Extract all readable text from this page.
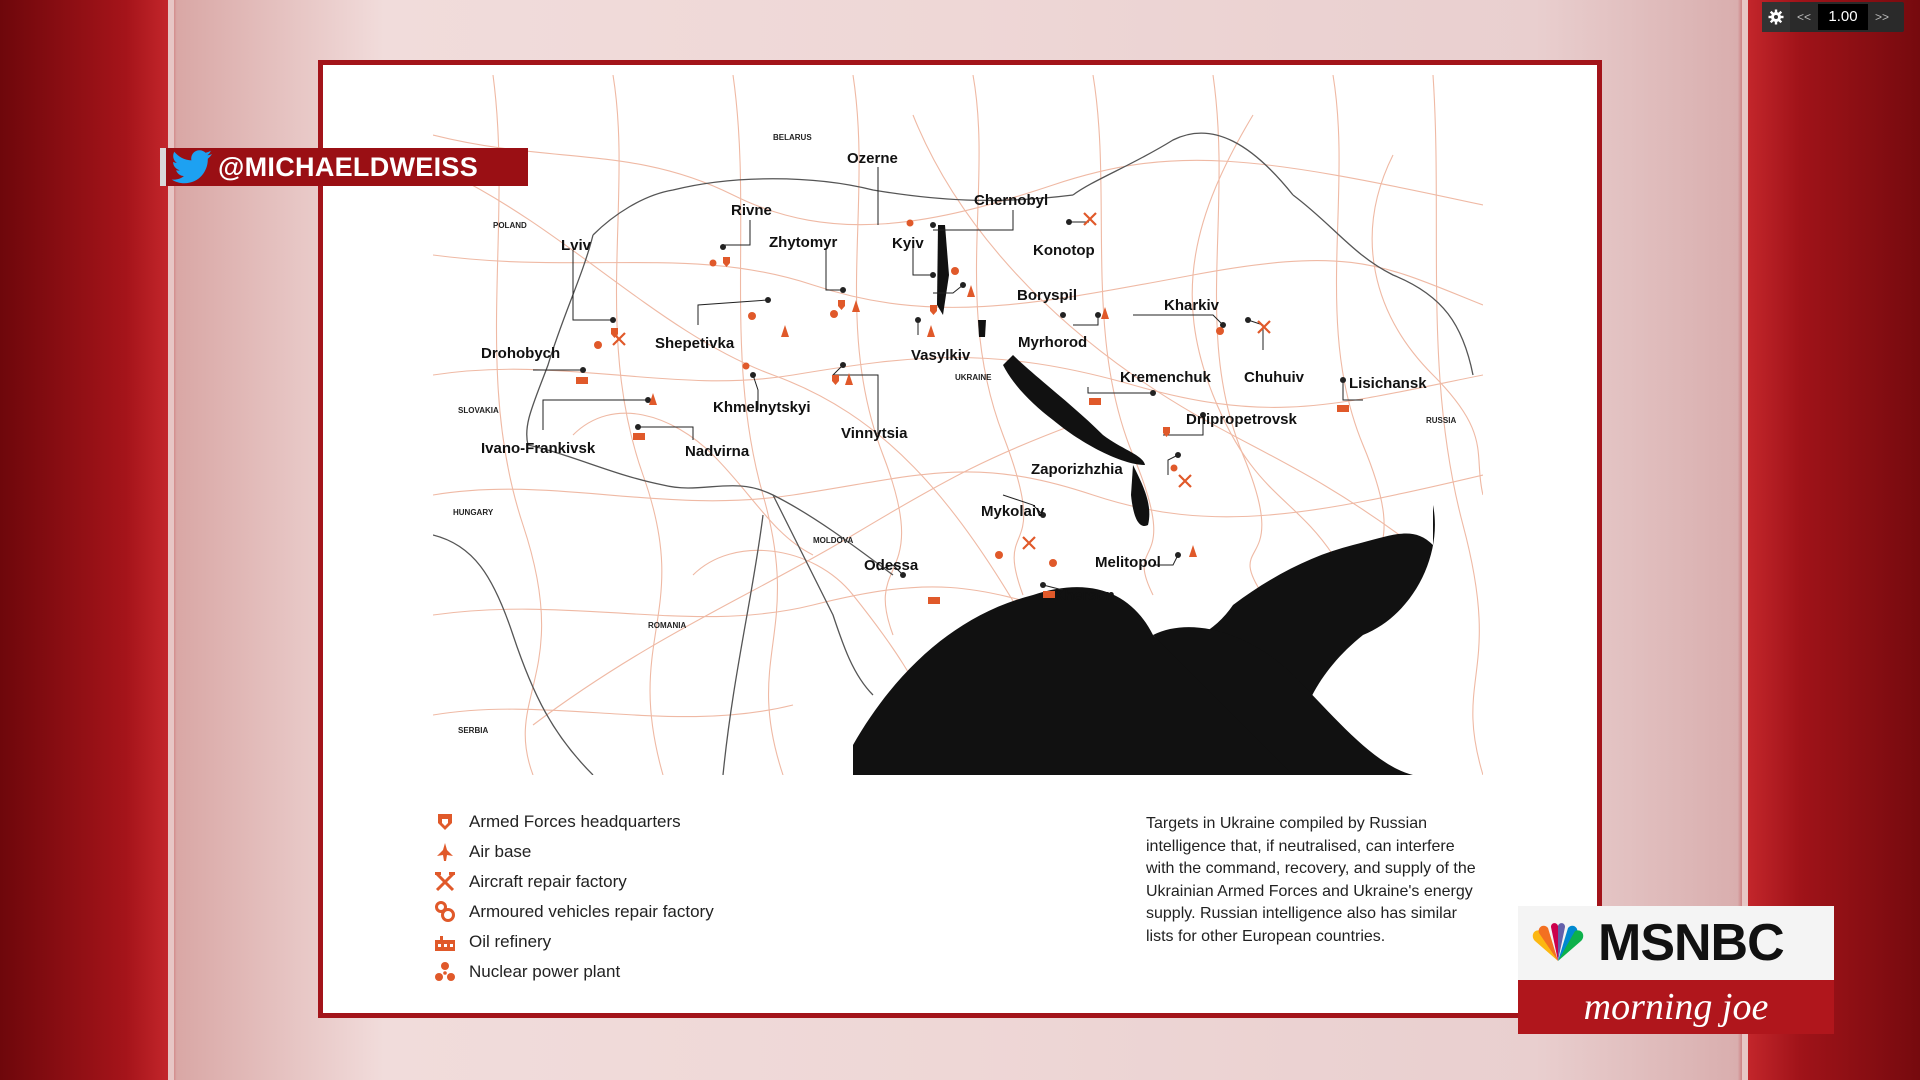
<<	1.00	>>
BELARUS
POLAND
SLOVAKIA
HUNGARY
MOLDOVA
ROMANIA
SERBIA
RUSSIA
UKRAINE
Ozerne
Chernobyl
Rivne
Zhytomyr	Kyiv	Konotop
Lviv
Boryspil
Kharkiv
Shepetivka	Myrhorod
Vasylkiv
Drohobych
Kremenchuk Chuhuiv	Lisichansk
Khmelnytskyi
Dnipropetrovsk
Vinnytsia
Ivano-Frankivsk	Nadvirna
Zaporizhzhia
Mykolaiv
Odessa	Melitopol
Kherson
Armed Forces headquarters
Air base
Aircraft repair factory
Armoured vehicles repair factory
Oil refinery
Nuclear power plant
Targets in Ukraine compiled by Russian intelligence that, if neutralised, can interfere with the command, recovery, and supply of the Ukrainian Armed Forces and Ukraine's energy supply. Russian intelligence also has similar lists for other European countries.
@MICHAELDWEISS
MSNBC
morning joe
